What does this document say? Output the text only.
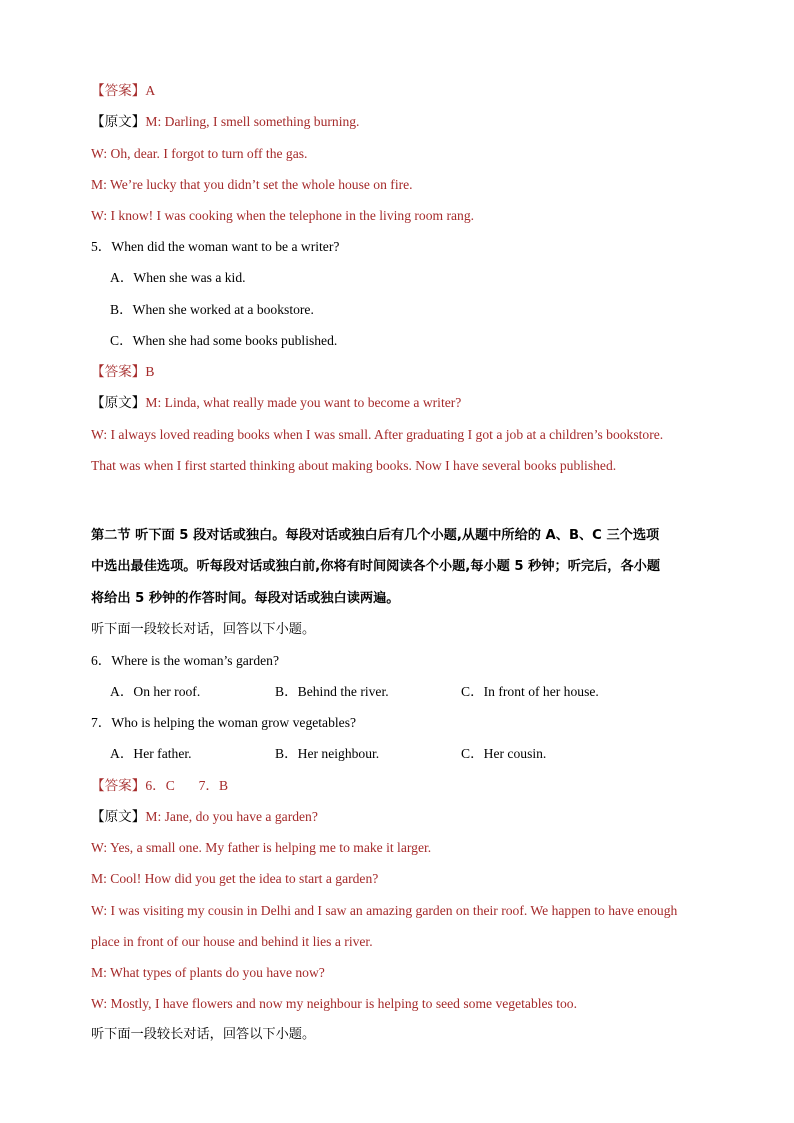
【答案】A
【原文】M: Darling, I smell something burning.
W: Oh, dear. I forgot to turn off the gas.
M: We’re lucky that you didn’t set the whole house on fire.
W: I know! I was cooking when the telephone in the living room rang.
5．When did the woman want to be a writer?
A．When she was a kid.
B．When she worked at a bookstore.
C．When she had some books published.
【答案】B
【原文】M: Linda, what really made you want to become a writer?
W: I always loved reading books when I was small. After graduating I got a job at a children’s bookstore.
That was when I first started thinking about making books. Now I have several books published.
第二节 听下面 5 段对话或独白。每段对话或独白后有几个小题,从题中所给的 A、B、C 三个选项
中选出最佳选项。听每段对话或独白前,你将有时间阅读各个小题,每小题 5 秒钟；听完后，各小题
将给出 5 秒钟的作答时间。每段对话或独白读两遍。
听下面一段较长对话，回答以下小题。
6．Where is the woman’s garden?
A．On her roof.	B．Behind the river.	C．In front of her house.
7．Who is helping the woman grow vegetables?
A．Her father.	B．Her neighbour.	C．Her cousin.
【答案】6．C       7．B
【原文】M: Jane, do you have a garden?
W: Yes, a small one. My father is helping me to make it larger.
M: Cool! How did you get the idea to start a garden?
W: I was visiting my cousin in Delhi and I saw an amazing garden on their roof. We happen to have enough
place in front of our house and behind it lies a river.
M: What types of plants do you have now?
W: Mostly, I have flowers and now my neighbour is helping to seed some vegetables too.
听下面一段较长对话，回答以下小题。
